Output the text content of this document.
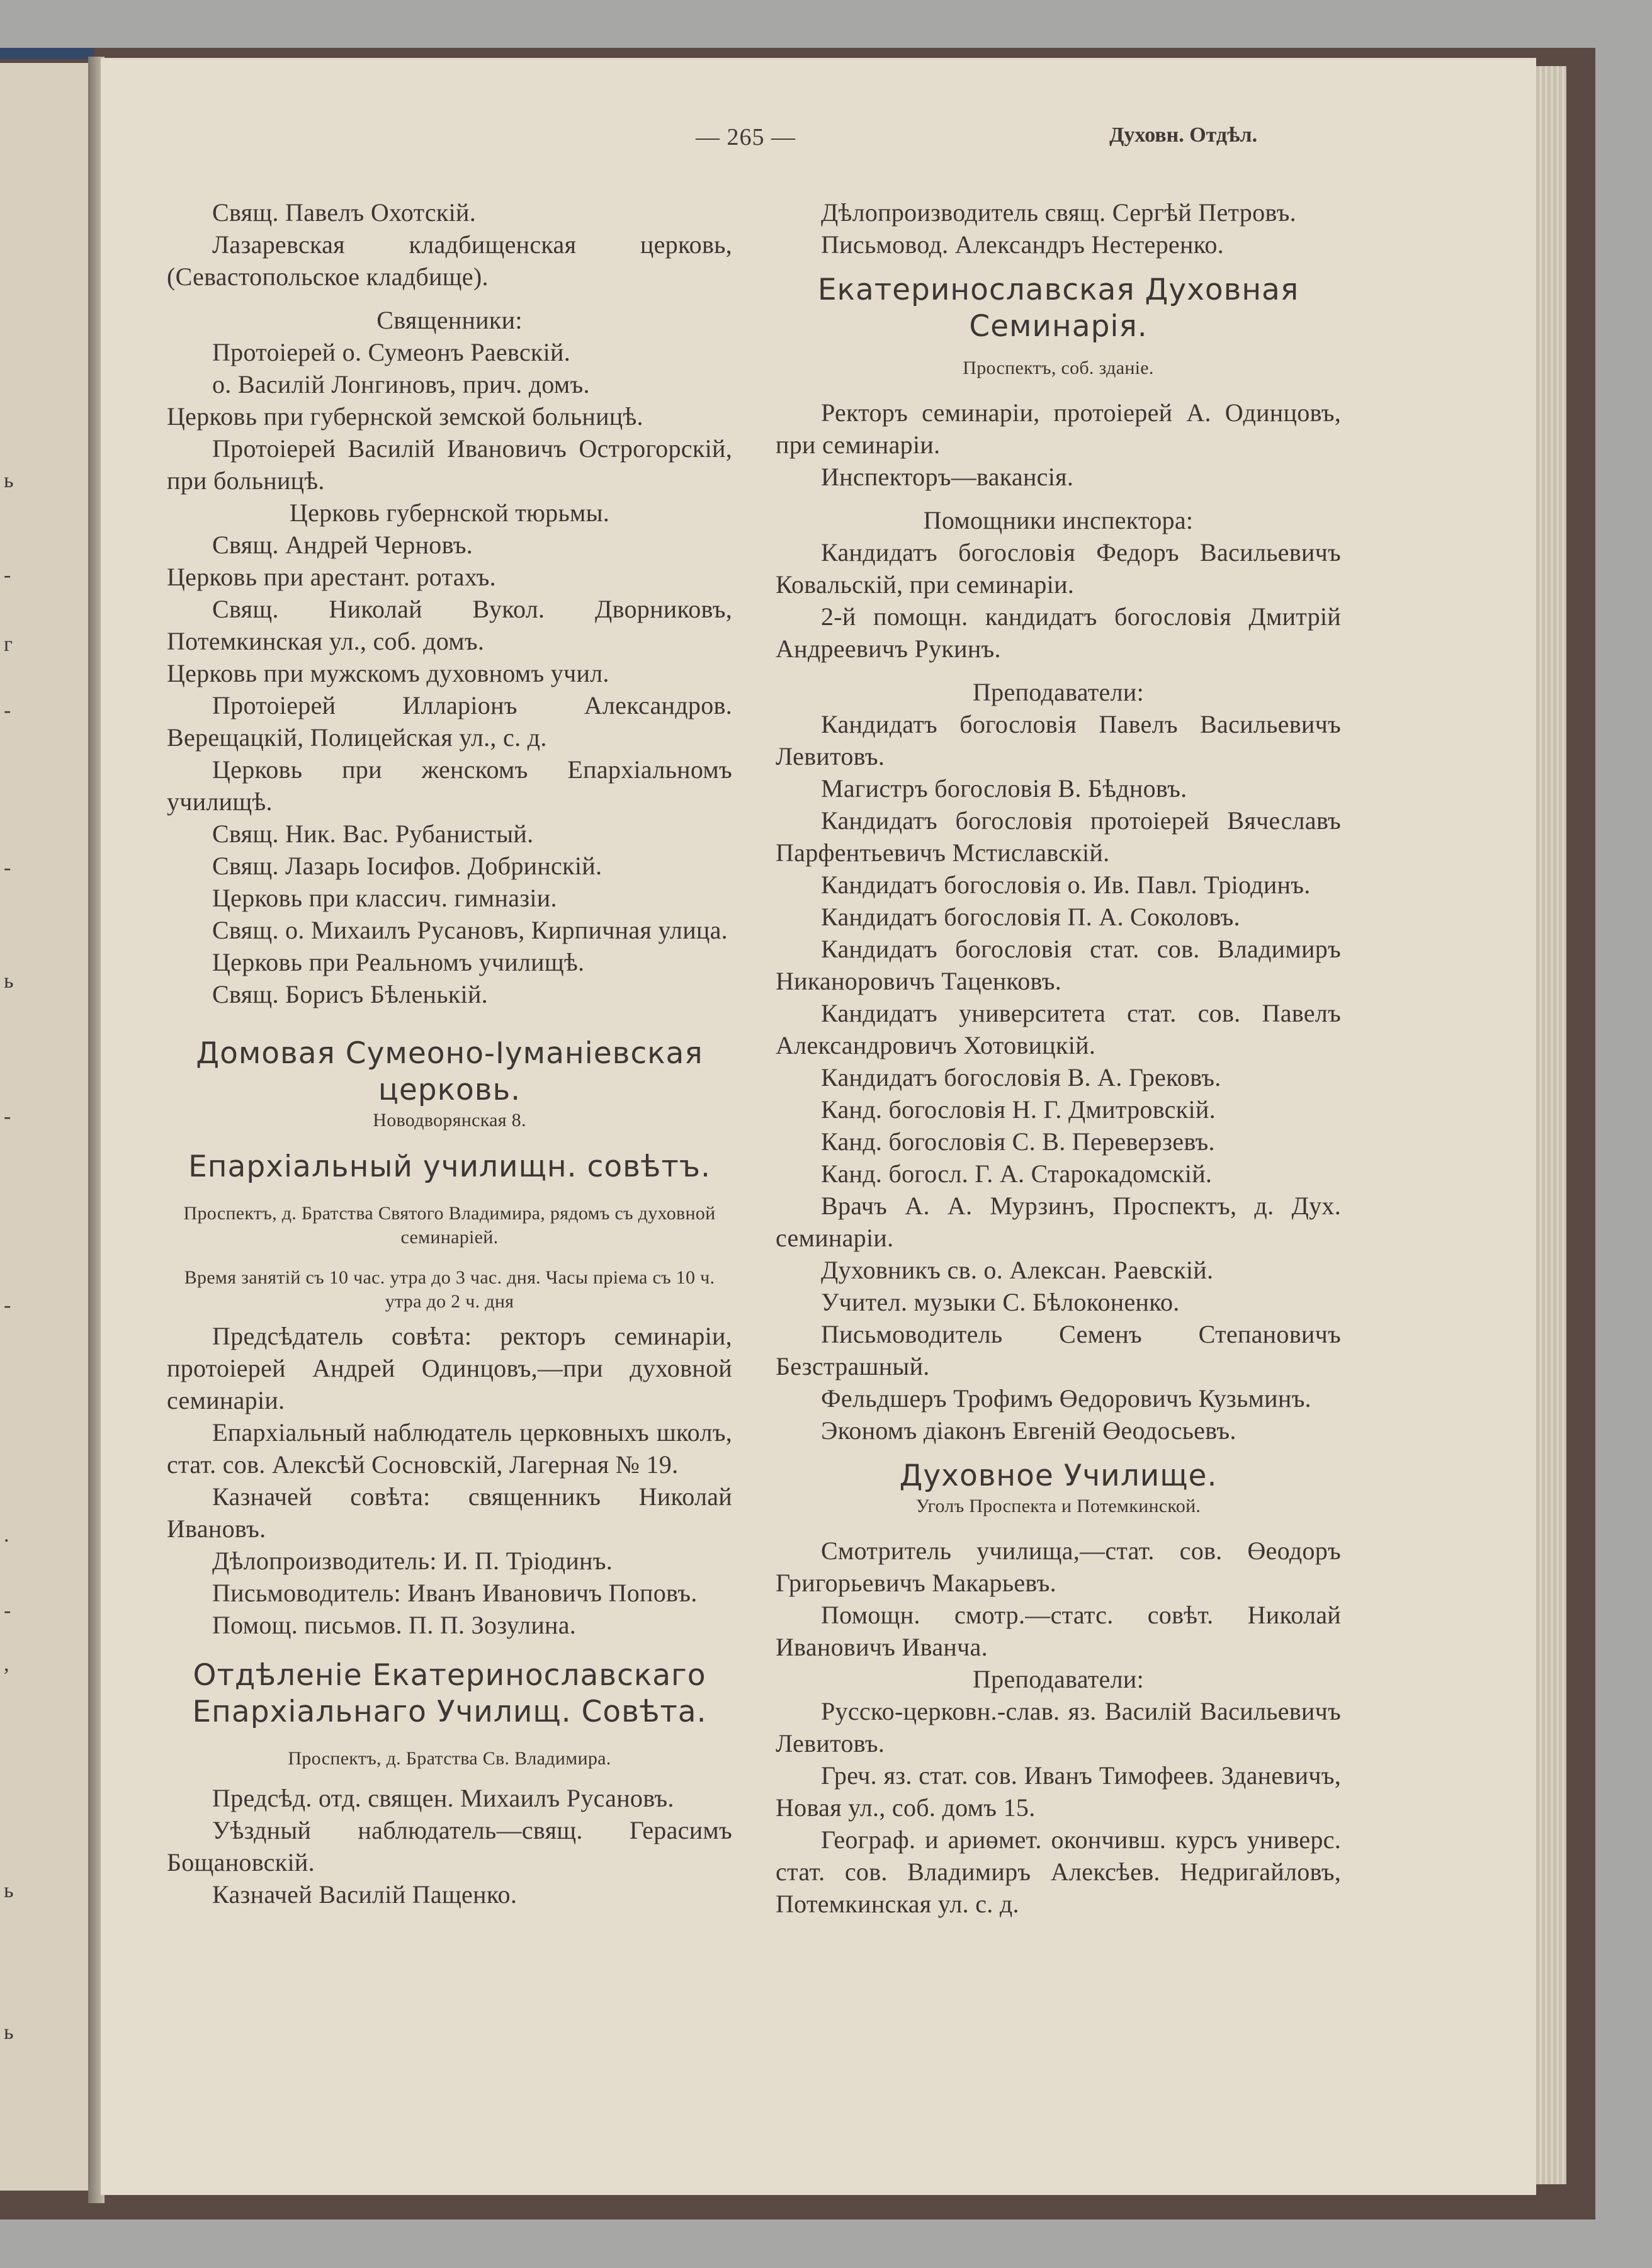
ь
-
г
-
-
ь
-
-
.
-
,
ь
ь
— 265 —	Духовн. Отдѣл.

Свящ. Павелъ Охотскій.

Лазаревская кладбищенская церковь, (Севастопольское кладбище).

Священники:

Протоіерей о. Сумеонъ Раевскій.

о. Василій Лонгиновъ, прич. домъ.

Церковь при губернской земской больницѣ.

Протоіерей Василій Ивановичъ Острогорскій, при больницѣ.

Церковь губернской тюрьмы.

Свящ. Андрей Черновъ.

Церковь при арестант. ротахъ.

Свящ. Николай Вукол. Дворниковъ, Потемкинская ул., соб. домъ.

Церковь при мужскомъ духовномъ учил.

Протоіерей Илларіонъ Александров. Верещацкій, Полицейская ул., с. д.

Церковь при женскомъ Епархіальномъ училищѣ.

Свящ. Ник. Вас. Рубанистый.

Свящ. Лазарь Іосифов. Добринскій.

Церковь при классич. гимназіи.

Свящ. о. Михаилъ Русановъ, Кирпичная улица.

Церковь при Реальномъ училищѣ.

Свящ. Борисъ Бѣленькій.

Домовая Сумеоно-Іуманіевская церковь.

Новодворянская 8.

Епархіальный училищн. совѣтъ.

Проспектъ, д. Братства Святого Владимира, рядомъ съ духовной семинаріей.

Время занятій съ 10 час. утра до 3 час. дня. Часы пріема съ 10 ч. утра до 2 ч. дня

Предсѣдатель совѣта: ректоръ семинаріи, протоіерей Андрей Одинцовъ,—при духовной семинаріи.

Епархіальный наблюдатель церковныхъ школъ, стат. сов. Алексѣй Сосновскій, Лагерная № 19.

Казначей совѣта: священникъ Николай Ивановъ.

Дѣлопроизводитель: И. П. Тріодинъ.

Письмоводитель: Иванъ Ивановичъ Поповъ.

Помощ. письмов. П. П. Зозулина.

Отдѣленіе Екатеринославскаго Епархіальнаго Училищ. Совѣта.

Проспектъ, д. Братства Св. Владимира.

Предсѣд. отд. священ. Михаилъ Русановъ.

Уѣздный наблюдатель—свящ. Герасимъ Бощановскій.

Казначей Василій Пащенко.

Дѣлопроизводитель свящ. Сергѣй Петровъ.

Письмовод. Александръ Нестеренко.

Екатеринославская Духовная Семинарія.

Проспектъ, соб. зданіе.

Ректоръ семинаріи, протоіерей А. Одинцовъ, при семинаріи.

Инспекторъ—вакансія.

Помощники инспектора:

Кандидатъ богословія Федоръ Васильевичъ Ковальскій, при семинаріи.

2-й помощн. кандидатъ богословія Дмитрій Андреевичъ Рукинъ.

Преподаватели:

Кандидатъ богословія Павелъ Васильевичъ Левитовъ.

Магистръ богословія В. Бѣдновъ.

Кандидатъ богословія протоіерей Вячеславъ Парфентьевичъ Мстиславскій.

Кандидатъ богословія о. Ив. Павл. Тріодинъ.

Кандидатъ богословія П. А. Соколовъ.

Кандидатъ богословія стат. сов. Владимиръ Никаноровичъ Таценковъ.

Кандидатъ университета стат. сов. Павелъ Александровичъ Хотовицкій.

Кандидатъ богословія В. А. Грековъ.

Канд. богословія Н. Г. Дмитровскій.

Канд. богословія С. В. Переверзевъ.

Канд. богосл. Г. А. Старокадомскій.

Врачъ А. А. Мурзинъ, Проспектъ, д. Дух. семинаріи.

Духовникъ св. о. Алексан. Раевскій.

Учител. музыки С. Бѣлоконенко.

Письмоводитель Семенъ Степановичъ Безстрашный.

Фельдшеръ Трофимъ Өедоровичъ Кузьминъ.

Экономъ діаконъ Евгеній Өеодосьевъ.

Духовное Училище.

Уголъ Проспекта и Потемкинской.

Смотритель училища,—стат. сов. Өеодоръ Григорьевичъ Макарьевъ.

Помощн. смотр.—статс. совѣт. Николай Ивановичъ Иванча.

Преподаватели:

Русско-церковн.-слав. яз. Василій Васильевичъ Левитовъ.

Греч. яз. стат. сов. Иванъ Тимофеев. Зданевичъ, Новая ул., соб. домъ 15.

Географ. и ариөмет. окончивш. курсъ универс. стат. сов. Владимиръ Алексѣев. Недригайловъ, Потемкинская ул. с. д.
